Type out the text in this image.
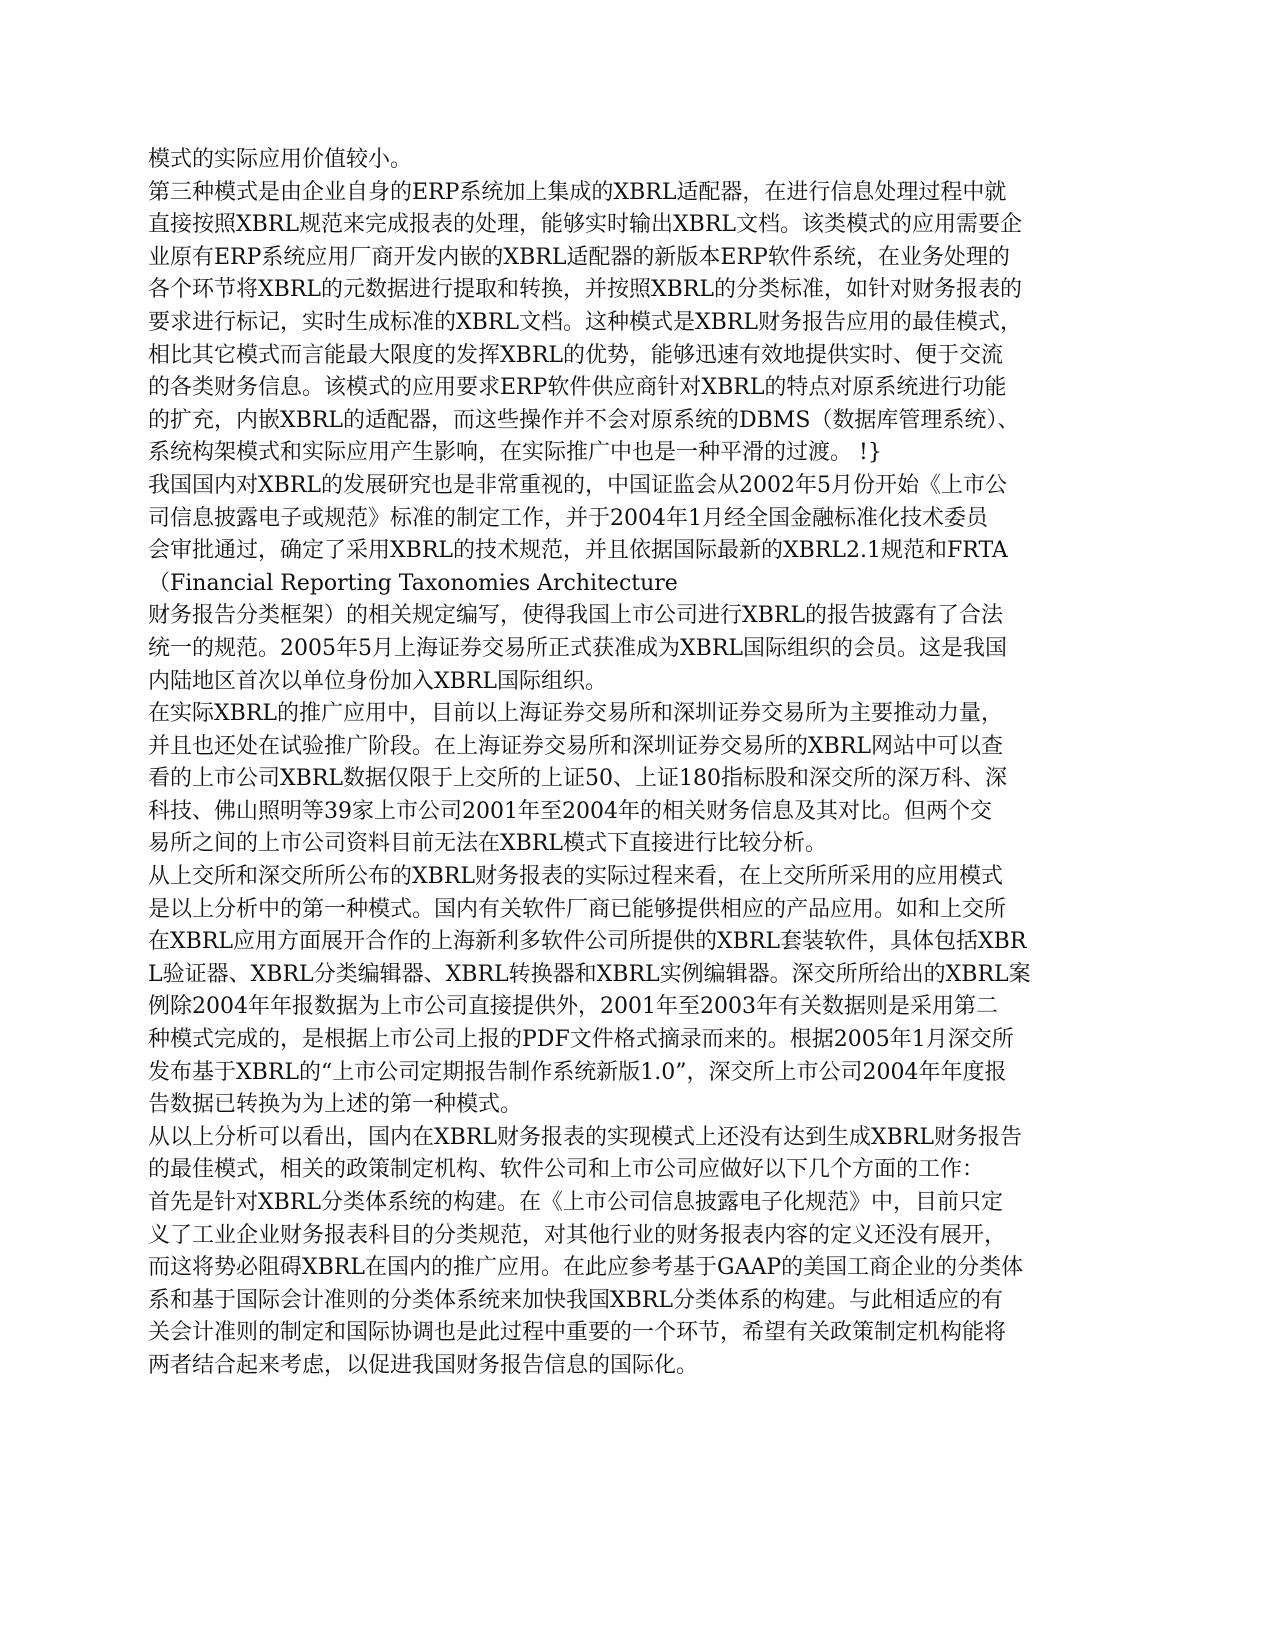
模式的实际应用价值较小。
第三种模式是由企业自身的ERP系统加上集成的XBRL适配器，在进行信息处理过程中就
直接按照XBRL规范来完成报表的处理，能够实时输出XBRL文档。该类模式的应用需要企
业原有ERP系统应用厂商开发内嵌的XBRL适配器的新版本ERP软件系统，在业务处理的
各个环节将XBRL的元数据进行提取和转换，并按照XBRL的分类标准，如针对财务报表的
要求进行标记，实时生成标准的XBRL文档。这种模式是XBRL财务报告应用的最佳模式，
相比其它模式而言能最大限度的发挥XBRL的优势，能够迅速有效地提供实时、便于交流
的各类财务信息。该模式的应用要求ERP软件供应商针对XBRL的特点对原系统进行功能
的扩充，内嵌XBRL的适配器，而这些操作并不会对原系统的DBMS（数据库管理系统）、
系统构架模式和实际应用产生影响，在实际推广中也是一种平滑的过渡。 !}
我国国内对XBRL的发展研究也是非常重视的，中国证监会从2002年5月份开始《上市公
司信息披露电子或规范》标准的制定工作，并于2004年1月经全国金融标准化技术委员
会审批通过，确定了采用XBRL的技术规范，并且依据国际最新的XBRL2.1规范和FRTA
（Financial Reporting Taxonomies Architecture
财务报告分类框架）的相关规定编写，使得我国上市公司进行XBRL的报告披露有了合法
统一的规范。2005年5月上海证券交易所正式获准成为XBRL国际组织的会员。这是我国
内陆地区首次以单位身份加入XBRL国际组织。
在实际XBRL的推广应用中，目前以上海证券交易所和深圳证券交易所为主要推动力量，
并且也还处在试验推广阶段。在上海证券交易所和深圳证券交易所的XBRL网站中可以查
看的上市公司XBRL数据仅限于上交所的上证50、上证180指标股和深交所的深万科、深
科技、佛山照明等39家上市公司2001年至2004年的相关财务信息及其对比。但两个交
易所之间的上市公司资料目前无法在XBRL模式下直接进行比较分析。
从上交所和深交所所公布的XBRL财务报表的实际过程来看，在上交所所采用的应用模式
是以上分析中的第一种模式。国内有关软件厂商已能够提供相应的产品应用。如和上交所
在XBRL应用方面展开合作的上海新利多软件公司所提供的XBRL套装软件，具体包括XBR
L验证器、XBRL分类编辑器、XBRL转换器和XBRL实例编辑器。深交所所给出的XBRL案
例除2004年年报数据为上市公司直接提供外，2001年至2003年有关数据则是采用第二
种模式完成的，是根据上市公司上报的PDF文件格式摘录而来的。根据2005年1月深交所
发布基于XBRL的“上市公司定期报告制作系统新版1.0”，深交所上市公司2004年年度报
告数据已转换为为上述的第一种模式。
从以上分析可以看出，国内在XBRL财务报表的实现模式上还没有达到生成XBRL财务报告
的最佳模式，相关的政策制定机构、软件公司和上市公司应做好以下几个方面的工作：
首先是针对XBRL分类体系统的构建。在《上市公司信息披露电子化规范》中，目前只定
义了工业企业财务报表科目的分类规范，对其他行业的财务报表内容的定义还没有展开，
而这将势必阻碍XBRL在国内的推广应用。在此应参考基于GAAP的美国工商企业的分类体
系和基于国际会计准则的分类体系统来加快我国XBRL分类体系的构建。与此相适应的有
关会计准则的制定和国际协调也是此过程中重要的一个环节，希望有关政策制定机构能将
两者结合起来考虑，以促进我国财务报告信息的国际化。
